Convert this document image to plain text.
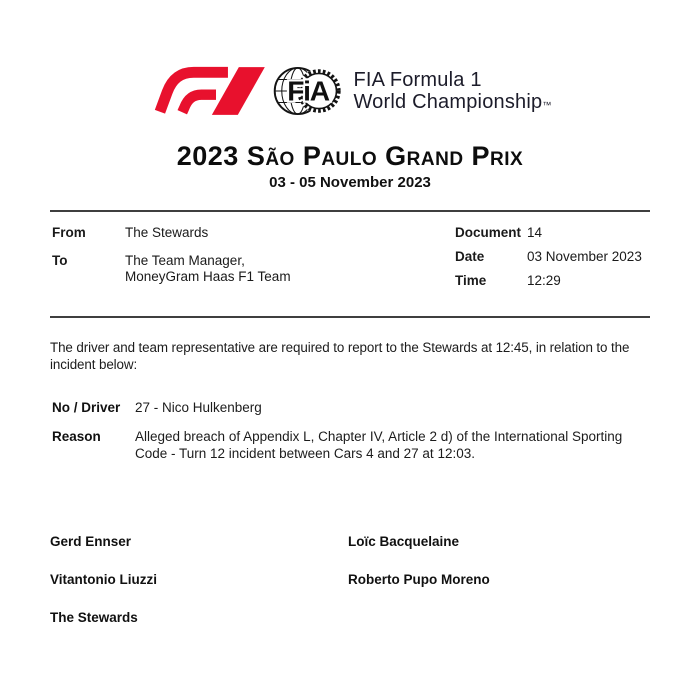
FiA FIA Formula 1
World Championship™
2023 São Paulo Grand Prix
03 - 05 November 2023
From	The Stewards
To	The Team Manager,
MoneyGram Haas F1 Team
Document 14
Date	03 November 2023
Time	12:29

The driver and team representative are required to report to the Stewards at 12:45, in relation to the incident below:

No / Driver	27 - Nico Hulkenberg
Reason	Alleged breach of Appendix L, Chapter IV, Article 2 d) of the International Sporting Code - Turn 12 incident between Cars 4 and 27 at 12:03.
Gerd Ennser	Loïc Bacquelaine
Vitantonio Liuzzi	Roberto Pupo Moreno
The Stewards
